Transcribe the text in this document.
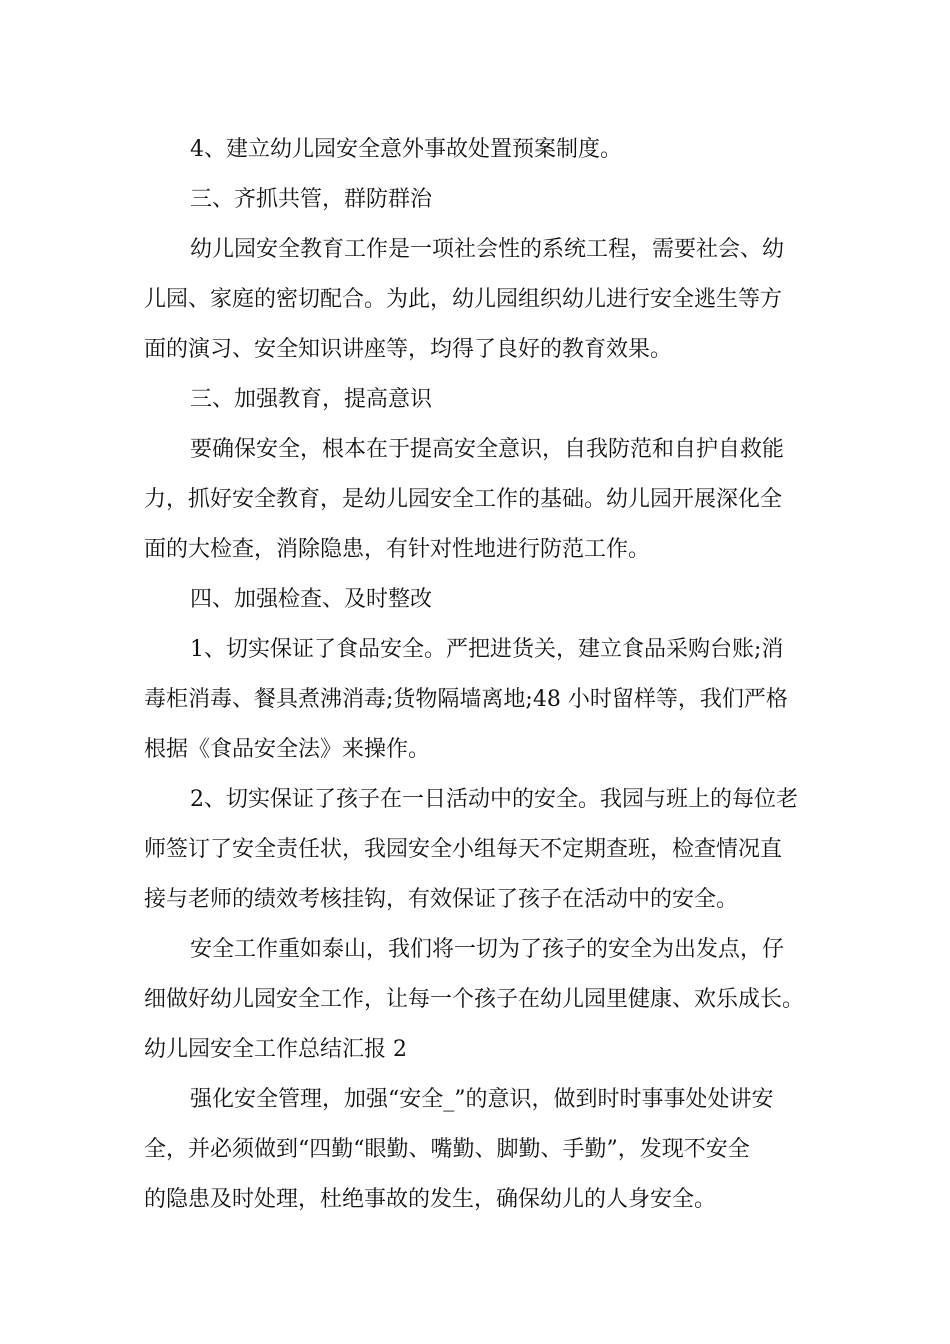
4、建立幼儿园安全意外事故处置预案制度。

三、齐抓共管，群防群治

幼儿园安全教育工作是一项社会性的系统工程，需要社会、幼

儿园、家庭的密切配合。为此，幼儿园组织幼儿进行安全逃生等方

面的演习、安全知识讲座等，均得了良好的教育效果。

三、加强教育，提高意识

要确保安全，根本在于提高安全意识，自我防范和自护自救能

力，抓好安全教育，是幼儿园安全工作的基础。幼儿园开展深化全

面的大检查，消除隐患，有针对性地进行防范工作。

四、加强检查、及时整改

1、切实保证了食品安全。严把进货关，建立食品采购台账;消

毒柜消毒、餐具煮沸消毒;货物隔墙离地;48 小时留样等，我们严格

根据《食品安全法》来操作。

2、切实保证了孩子在一日活动中的安全。我园与班上的每位老

师签订了安全责任状，我园安全小组每天不定期查班，检查情况直

接与老师的绩效考核挂钩，有效保证了孩子在活动中的安全。

安全工作重如泰山，我们将一切为了孩子的安全为出发点，仔

细做好幼儿园安全工作，让每一个孩子在幼儿园里健康、欢乐成长。

幼儿园安全工作总结汇报 2

强化安全管理，加强“安全_”的意识，做到时时事事处处讲安

全，并必须做到“四勤“眼勤、嘴勤、脚勤、手勤”，发现不安全

的隐患及时处理，杜绝事故的发生，确保幼儿的人身安全。
